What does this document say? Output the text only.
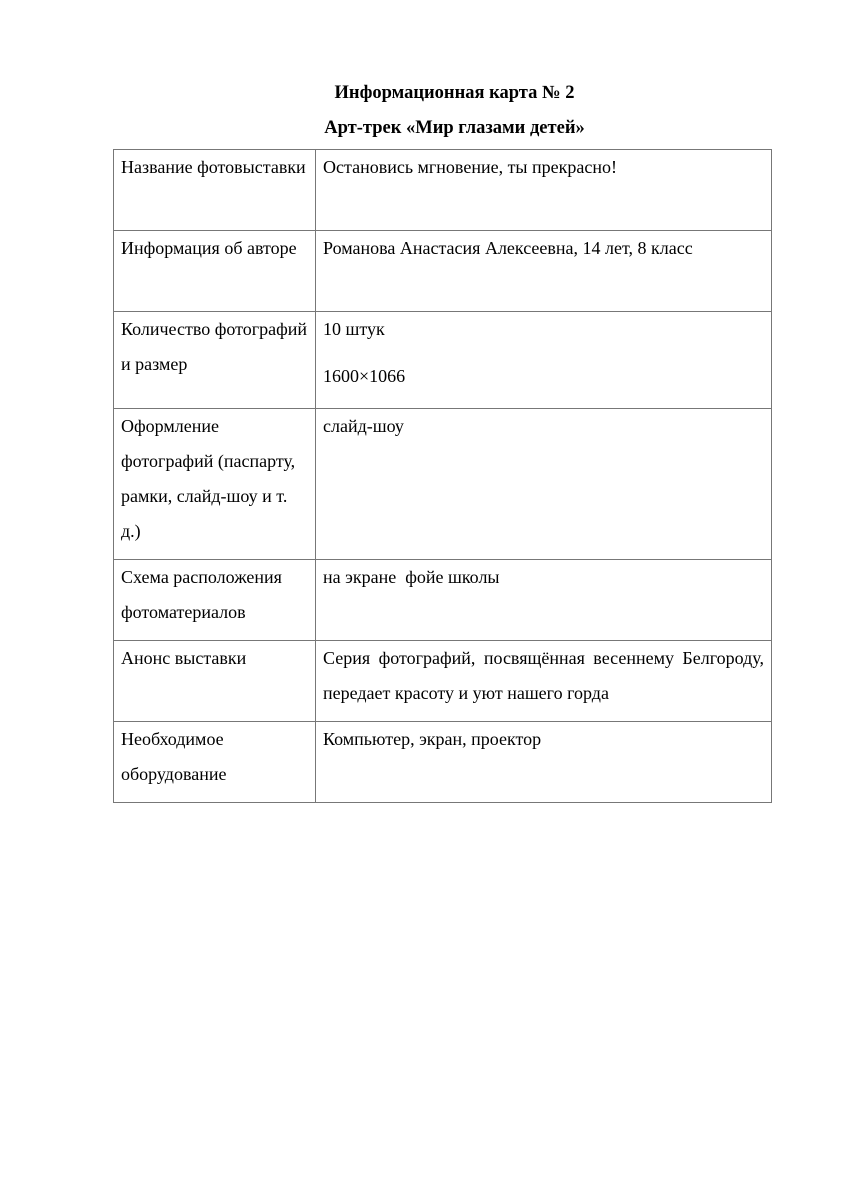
Информационная карта № 2
Арт-трек «Мир глазами детей»
Название фотовыставки	Остановись мгновение, ты прекрасно!
Информация об авторе	Романова Анастасия Алексеевна, 14 лет, 8 класс
Количество фотографий и размер	10 штук
1600×1066

Оформление фотографий (паспарту, рамки, слайд-шоу и т. д.)	слайд-шоу
Схема расположения фотоматериалов	на экране  фойе школы
Анонс выставки	Серия фотографий, посвящённая весеннему Белгороду, передает красоту и уют нашего горда
Необходимое оборудование	Компьютер, экран, проектор
